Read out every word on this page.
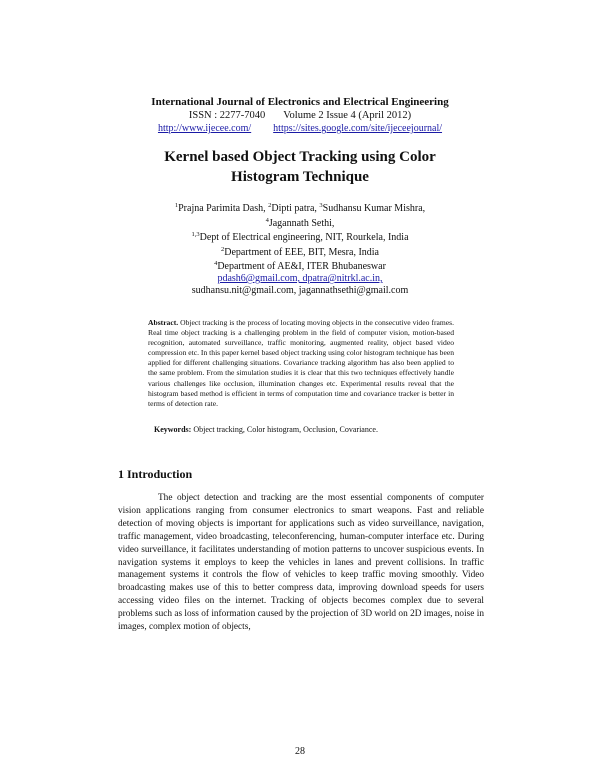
International Journal of Electronics and Electrical Engineering
ISSN : 2277-7040 Volume 2 Issue 4 (April 2012)
http://www.ijecee.com/ https://sites.google.com/site/ijeceejournal/
Kernel based Object Tracking using Color
Histogram Technique
$^1$Prajna Parimita Dash, $^2$Dipti patra, $^3$Sudhansu Kumar Mishra,
$^4$Jagannath Sethi,
$^{1,3}$Dept of Electrical engineering, NIT, Rourkela, India
$^2$Department of EEE, BIT, Mesra, India
$^4$Department of AE&I, ITER Bhubaneswar
pdash6@gmail.com, dpatra@nitrkl.ac.in,
sudhansu.nit@gmail.com, jagannathsethi@gmail.com
Abstract. Object tracking is the process of locating moving objects in the consecutive video frames. Real time object tracking is a challenging problem in the field of computer vision, motion-based recognition, automated surveillance, traffic monitoring, augmented reality, object based video compression etc. In this paper kernel based object tracking using color histogram technique has been applied for different challenging situations. Covariance tracking algorithm has also been applied to the same problem. From the simulation studies it is clear that this two techniques effectively handle various challenges like occlusion, illumination changes etc. Experimental results reveal that the histogram based method is efficient in terms of computation time and covariance tracker is better in terms of detection rate.
Keywords: Object tracking, Color histogram, Occlusion, Covariance.
1 Introduction
The object detection and tracking are the most essential components of computer vision applications ranging from consumer electronics to smart weapons. Fast and reliable detection of moving objects is important for applications such as video surveillance, navigation, traffic management, video broadcasting, teleconferencing, human-computer interface etc. During video surveillance, it facilitates understanding of motion patterns to uncover suspicious events. In navigation systems it employs to keep the vehicles in lanes and prevent collisions. In traffic management systems it controls the flow of vehicles to keep traffic moving smoothly. Video broadcasting makes use of this to better compress data, improving download speeds for users accessing video files on the internet. Tracking of objects becomes complex due to several problems such as loss of information caused by the projection of 3D world on 2D images, noise in images, complex motion of objects,
28
